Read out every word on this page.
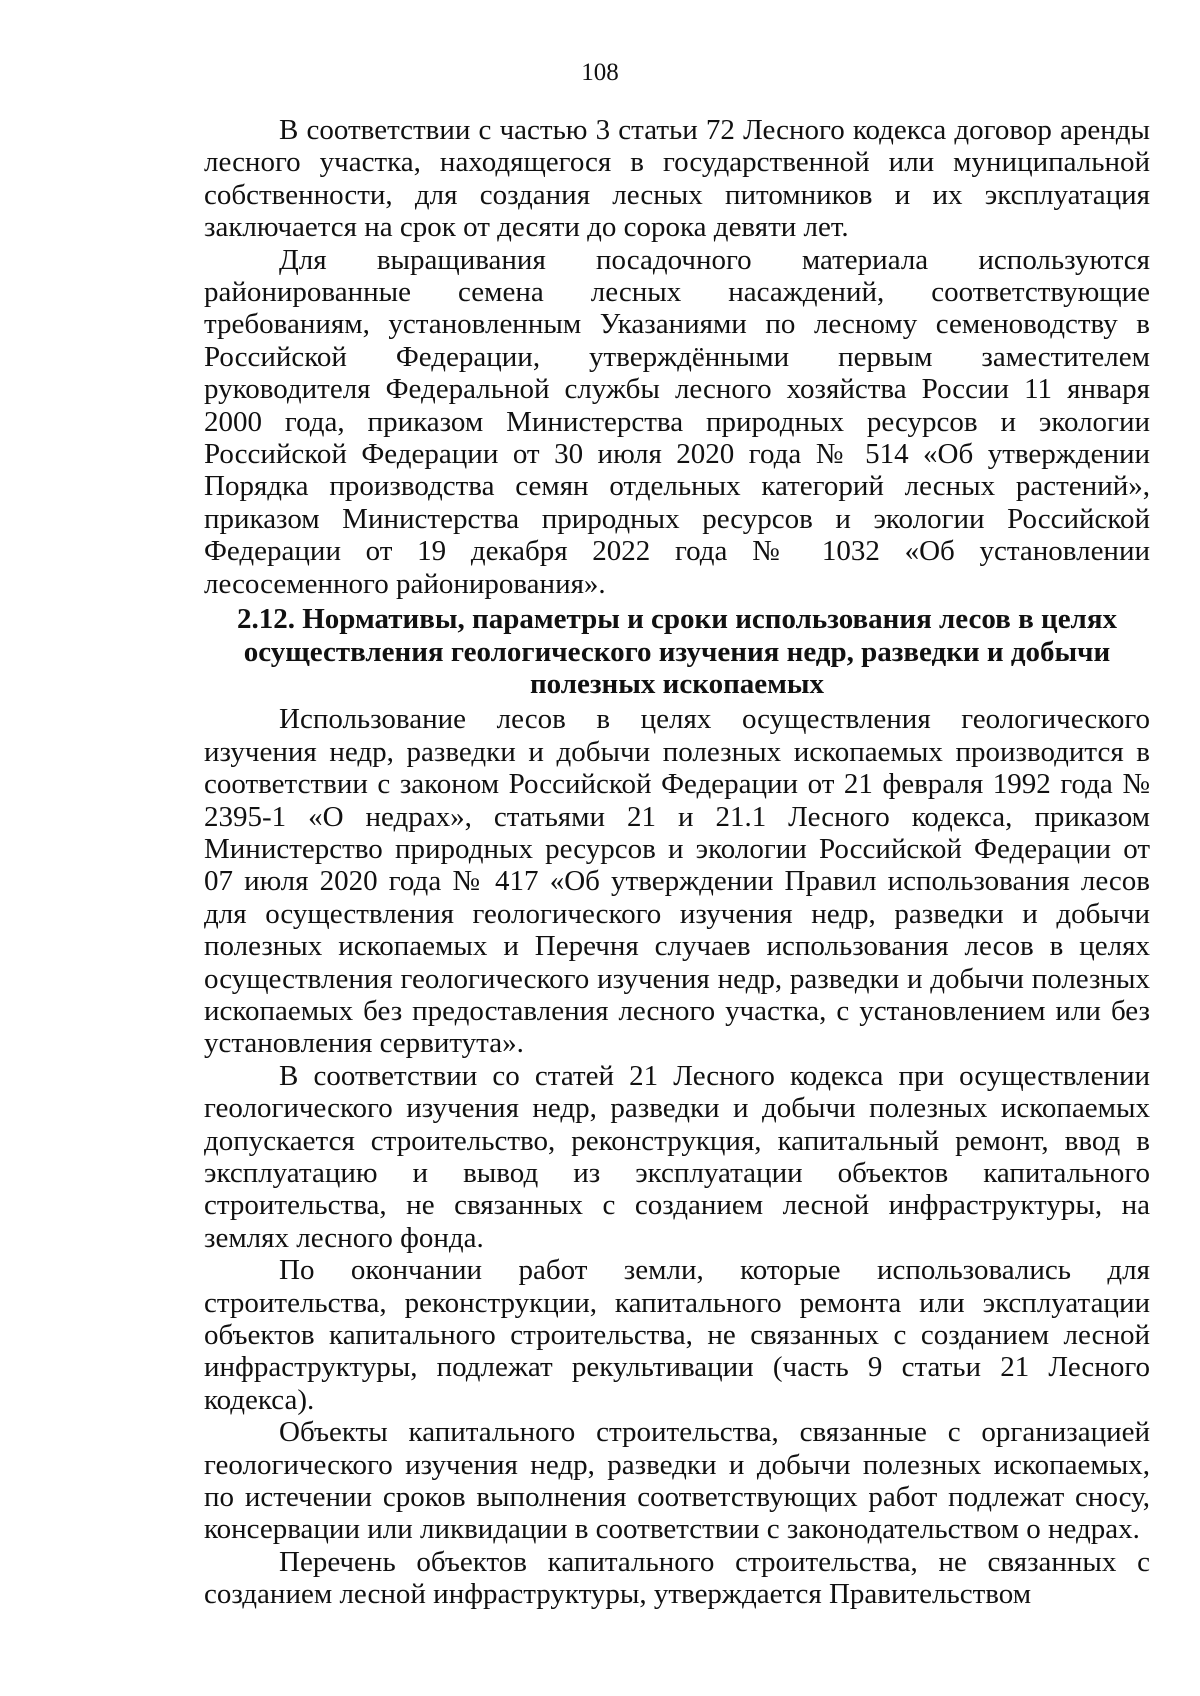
108

В соответствии с частью 3 статьи 72 Лесного кодекса договор аренды лесного участка, находящегося в государственной или муниципальной собственности, для создания лесных питомников и их эксплуатация заключается на срок от десяти до сорока девяти лет.

Для выращивания посадочного материала используются районированные семена лесных насаждений, соответствующие требованиям, установленным Указаниями по лесному семеноводству в Российской Федерации, утверждёнными первым заместителем руководителя Федеральной службы лесного хозяйства России 11 января 2000 года, приказом Министерства природных ресурсов и экологии Российской Федерации от 30 июля 2020 года № 514 «Об утверждении Порядка производства семян отдельных категорий лесных растений», приказом Министерства природных ресурсов и экологии Российской Федерации от 19 декабря 2022 года № 1032 «Об установлении лесосеменного районирования».

2.12. Нормативы, параметры и сроки использования лесов в целях осуществления геологического изучения недр, разведки и добычи полезных ископаемых

Использование лесов в целях осуществления геологического изучения недр, разведки и добычи полезных ископаемых производится в соответствии с законом Российской Федерации от 21 февраля 1992 года № 2395-1 «О недрах», статьями 21 и 21.1 Лесного кодекса, приказом Министерство природных ресурсов и экологии Российской Федерации от 07 июля 2020 года № 417 «Об утверждении Правил использования лесов для осуществления геологического изучения недр, разведки и добычи полезных ископаемых и Перечня случаев использования лесов в целях осуществления геологического изучения недр, разведки и добычи полезных ископаемых без предоставления лесного участка, с установлением или без установления сервитута».

В соответствии со статей 21 Лесного кодекса при осуществлении геологического изучения недр, разведки и добычи полезных ископаемых допускается строительство, реконструкция, капитальный ремонт, ввод в эксплуатацию и вывод из эксплуатации объектов капитального строительства, не связанных с созданием лесной инфраструктуры, на землях лесного фонда.

По окончании работ земли, которые использовались для строительства, реконструкции, капитального ремонта или эксплуатации объектов капитального строительства, не связанных с созданием лесной инфраструктуры, подлежат рекультивации (часть 9 статьи 21 Лесного кодекса).

Объекты капитального строительства, связанные с организацией геологического изучения недр, разведки и добычи полезных ископаемых, по истечении сроков выполнения соответствующих работ подлежат сносу, консервации или ликвидации в соответствии с законодательством о недрах.

Перечень объектов капитального строительства, не связанных с созданием лесной инфраструктуры, утверждается Правительством
